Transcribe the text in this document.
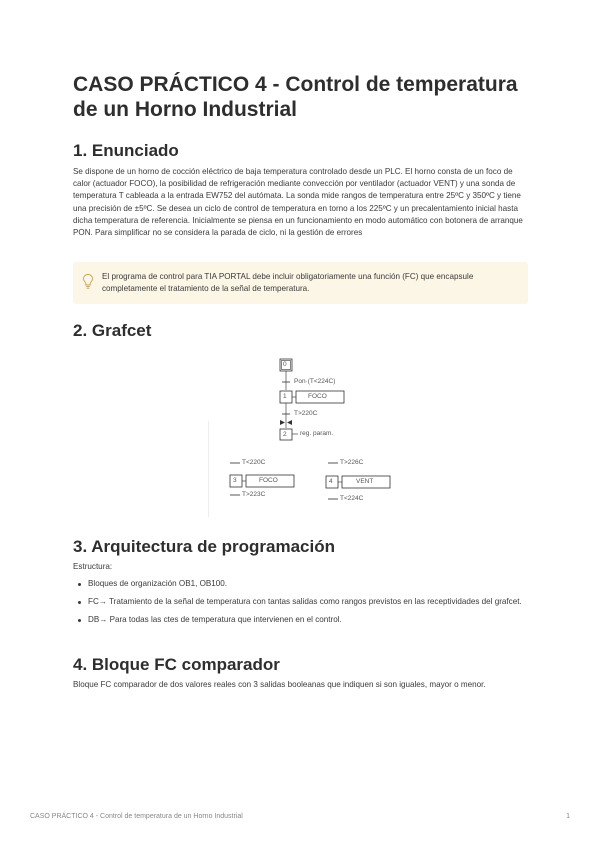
CASO PRÁCTICO 4 - Control de temperatura de un Horno Industrial
1. Enunciado

Se dispone de un horno de cocción eléctrico de baja temperatura controlado desde un PLC. El horno consta de un foco de calor (actuador FOCO), la posibilidad de refrigeración mediante convección por ventilador (actuador VENT) y una sonda de temperatura T cableada a la entrada EW752 del autómata. La sonda mide rangos de temperatura entre 25ºC y 350ºC y tiene una precisión de ±5ºC. Se desea un ciclo de control de temperatura en torno a los 225ºC y un precalentamiento inicial hasta dicha temperatura de referencia. Inicialmente se piensa en un funcionamiento en modo automático con botonera de arranque PON. Para simplificar no se considera la parada de ciclo, ni la gestión de errores

El programa de control para TIA PORTAL debe incluir obligatoriamente una función (FC) que encapsule completamente el tratamiento de la señal de temperatura.

2. Grafcet
0
Pon·(T<224C)
1	FOCO
T>220C
2 reg. param.
T<220C	T>226C
3	FOCO	4	VENT
T>223C
T<224C
3. Arquitectura de programación

Estructura:

Bloques de organización OB1, OB100.
FC→ Tratamiento de la señal de temperatura con tantas salidas como rangos previstos en las receptividades del grafcet.
DB→ Para todas las ctes de temperatura que intervienen en el control.
4. Bloque FC comparador

Bloque FC comparador de dos valores reales con 3 salidas booleanas que indiquen si son iguales, mayor o menor.

CASO PRÁCTICO 4 - Control de temperatura de un Horno Industrial	1
